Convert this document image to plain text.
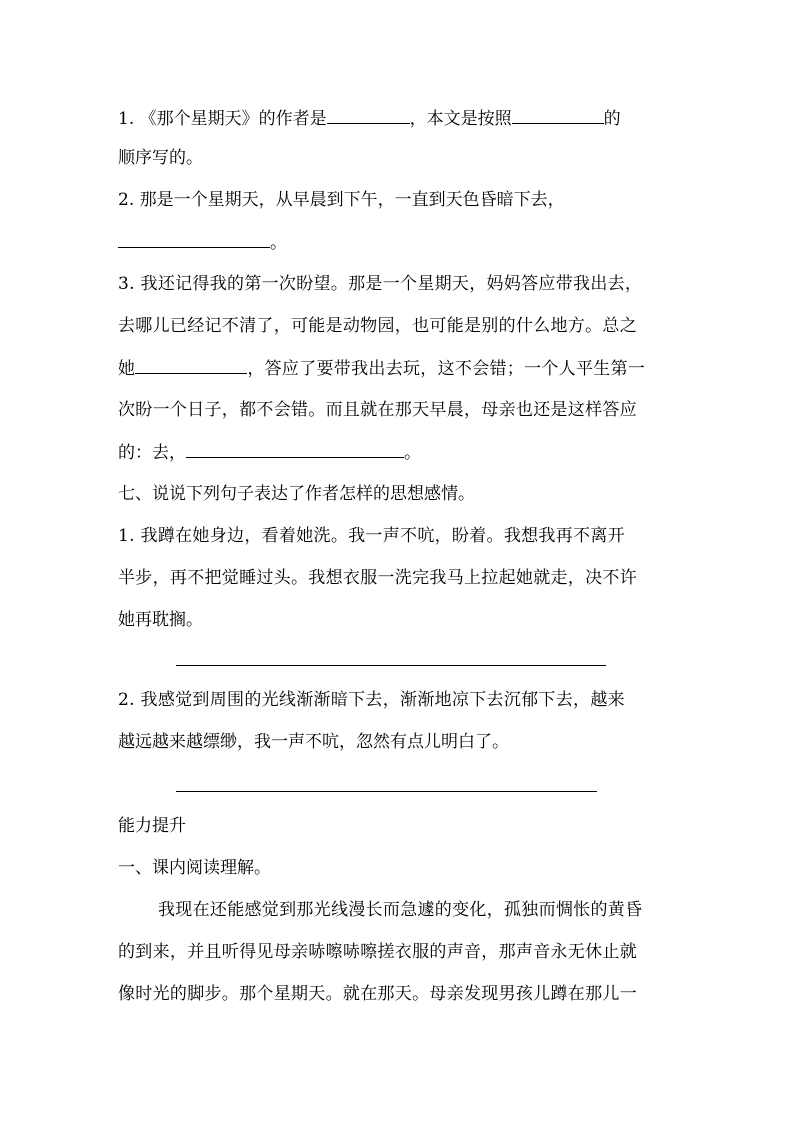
1. 《那个星期天》的作者是	，本文是按照	的
顺序写的。
2. 那是一个星期天，从早晨到下午，一直到天色昏暗下去，
。
3. 我还记得我的第一次盼望。那是一个星期天，妈妈答应带我出去，
去哪儿已经记不清了，可能是动物园，也可能是别的什么地方。总之
她	，答应了要带我出去玩，这不会错；一个人平生第一
次盼一个日子，都不会错。而且就在那天早晨，母亲也还是这样答应
的：去，	。
七、说说下列句子表达了作者怎样的思想感情。
1. 我蹲在她身边，看着她洗。我一声不吭，盼着。我想我再不离开
半步，再不把觉睡过头。我想衣服一洗完我马上拉起她就走，决不许
她再耽搁。
2. 我感觉到周围的光线渐渐暗下去，渐渐地凉下去沉郁下去，越来
越远越来越缥缈，我一声不吭，忽然有点儿明白了。
能力提升
一、课内阅读理解。
我现在还能感觉到那光线漫长而急遽的变化，孤独而惆怅的黄昏
的到来，并且听得见母亲哧嚓哧嚓搓衣服的声音，那声音永无休止就
像时光的脚步。那个星期天。就在那天。母亲发现男孩儿蹲在那儿一
